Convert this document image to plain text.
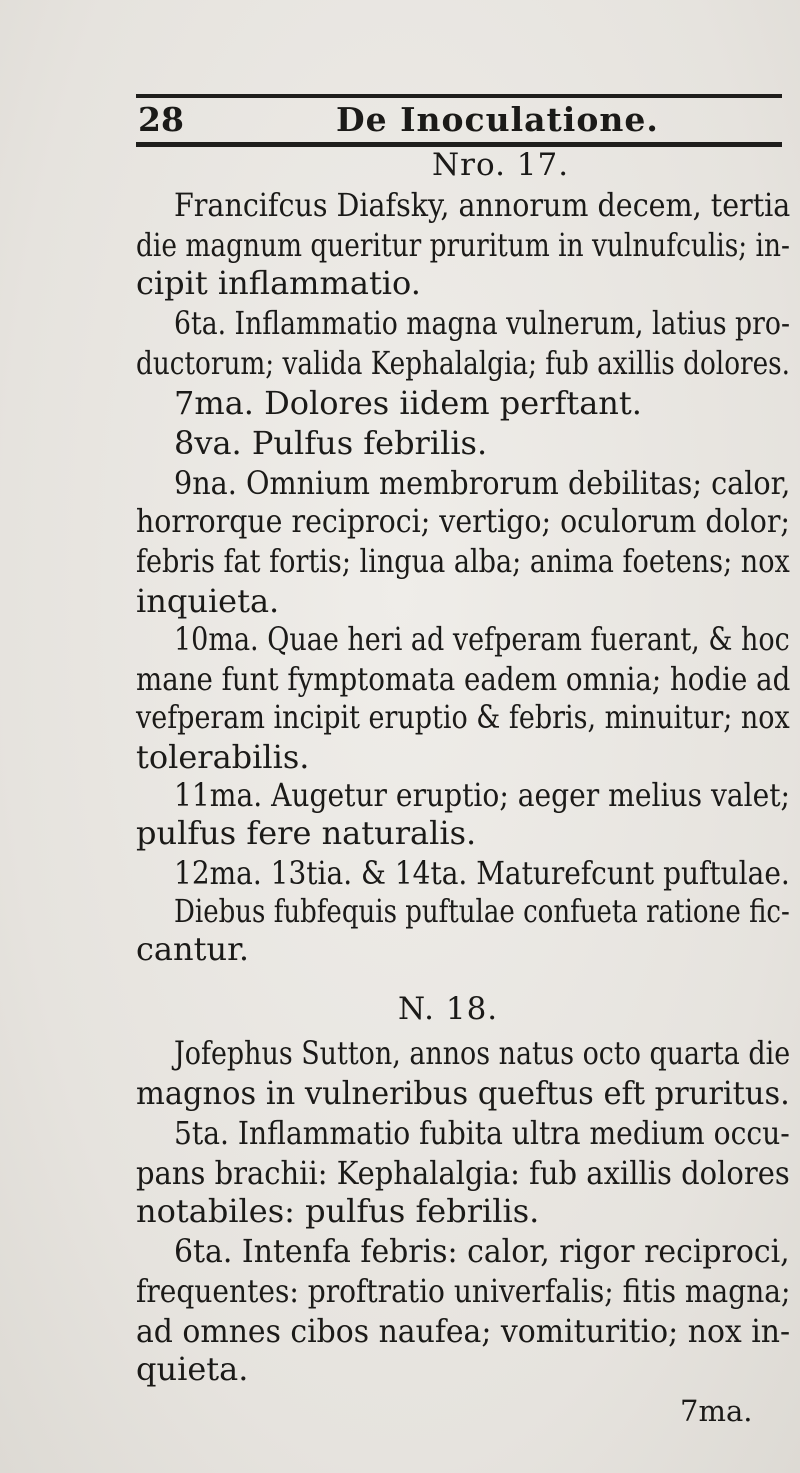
28	De Inoculatione.
Nro. 17.
Francifcus Diafsky, annorum decem, tertia
die magnum queritur pruritum in vulnufculis; in-
cipit inflammatio.
6ta. Inflammatio magna vulnerum, latius pro-
ductorum; valida Kephalalgia; fub axillis dolores.
7ma. Dolores iidem perftant.
8va. Pulfus febrilis.
9na. Omnium membrorum debilitas; calor,
horrorque reciproci; vertigo; oculorum dolor;
febris fat fortis; lingua alba; anima foetens; nox
inquieta.
10ma. Quae heri ad vefperam fuerant, & hoc
mane funt fymptomata eadem omnia; hodie ad
vefperam incipit eruptio & febris, minuitur; nox
tolerabilis.
11ma. Augetur eruptio; aeger melius valet;
pulfus fere naturalis.
12ma. 13tia. & 14ta. Maturefcunt puftulae.
Diebus fubfequis puftulae confueta ratione fic-
cantur.
N. 18.
Jofephus Sutton, annos natus octo quarta die
magnos in vulneribus queftus eft pruritus.
5ta. Inflammatio fubita ultra medium occu-
pans brachii: Kephalalgia: fub axillis dolores
notabiles: pulfus febrilis.
6ta. Intenfa febris: calor, rigor reciproci,
frequentes: proftratio univerfalis; fitis magna;
ad omnes cibos naufea; vomituritio; nox in-
quieta.
7ma.
